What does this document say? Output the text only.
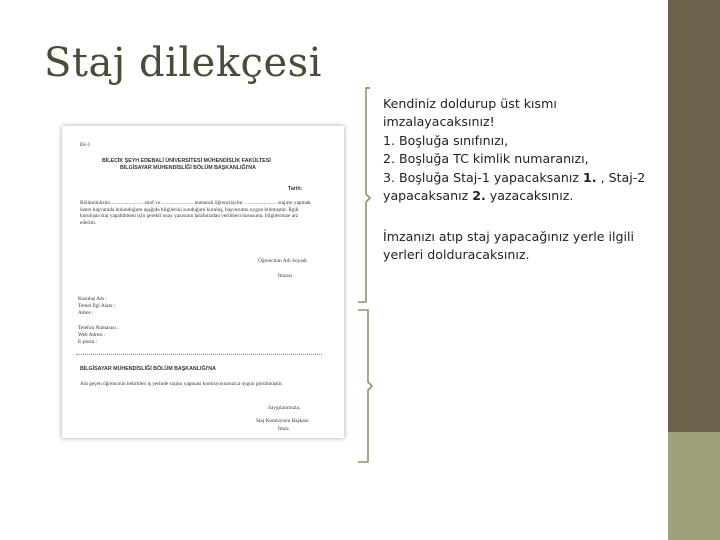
Staj dilekçesi
Ek-1
BİLECİK ŞEYH EDEBALİ ÜNİVERSİTESİ MÜHENDİSLİK FAKÜLTESİ
BİLGİSAYAR MÜHENDİSLİĞİ BÖLÜM BAŞKANLIĞI'NA
Tarih:
Bölümünüzün ........................ sınıf ve ........................ numaralı öğrencisiyim. ........................ stajımı yapmak üzere başvurada bulunduğum aşağıda bilgilerini sunduğum kuruluş, başvurumu uygun bulmuştur. İlgili kuruluşta staj yapabilmem için gerekli onay yazısının tarafınızdan verilmesi hususunu, bilgilerinize arz ederim.
Öğrencinin Adı Soyadı
İmzası
Kuruluş Adı :
Temel İlgi Alanı :
Adres :
Telefon Numarası :
Web Adresi :
E-posta :
BİLGİSAYAR MÜHENDİSLİĞİ BÖLÜM BAŞKANLIĞI'NA
Adı geçen öğrencinin belirtilen iş yerinde stajını yapması komisyonumuzca uygun görülmüştür.
Saygılarımızla,
Staj Komisyonu Başkanı
İmza
Kendiniz doldurup üst kısmı
imzalayacaksınız!
1. Boşluğa sınıfınızı,
2. Boşluğa TC kimlik numaranızı,
3. Boşluğa Staj-1 yapacaksanız 1. , Staj-2
yapacaksanız 2. yazacaksınız.
İmzanızı atıp staj yapacağınız yerle ilgili
yerleri dolduracaksınız.
